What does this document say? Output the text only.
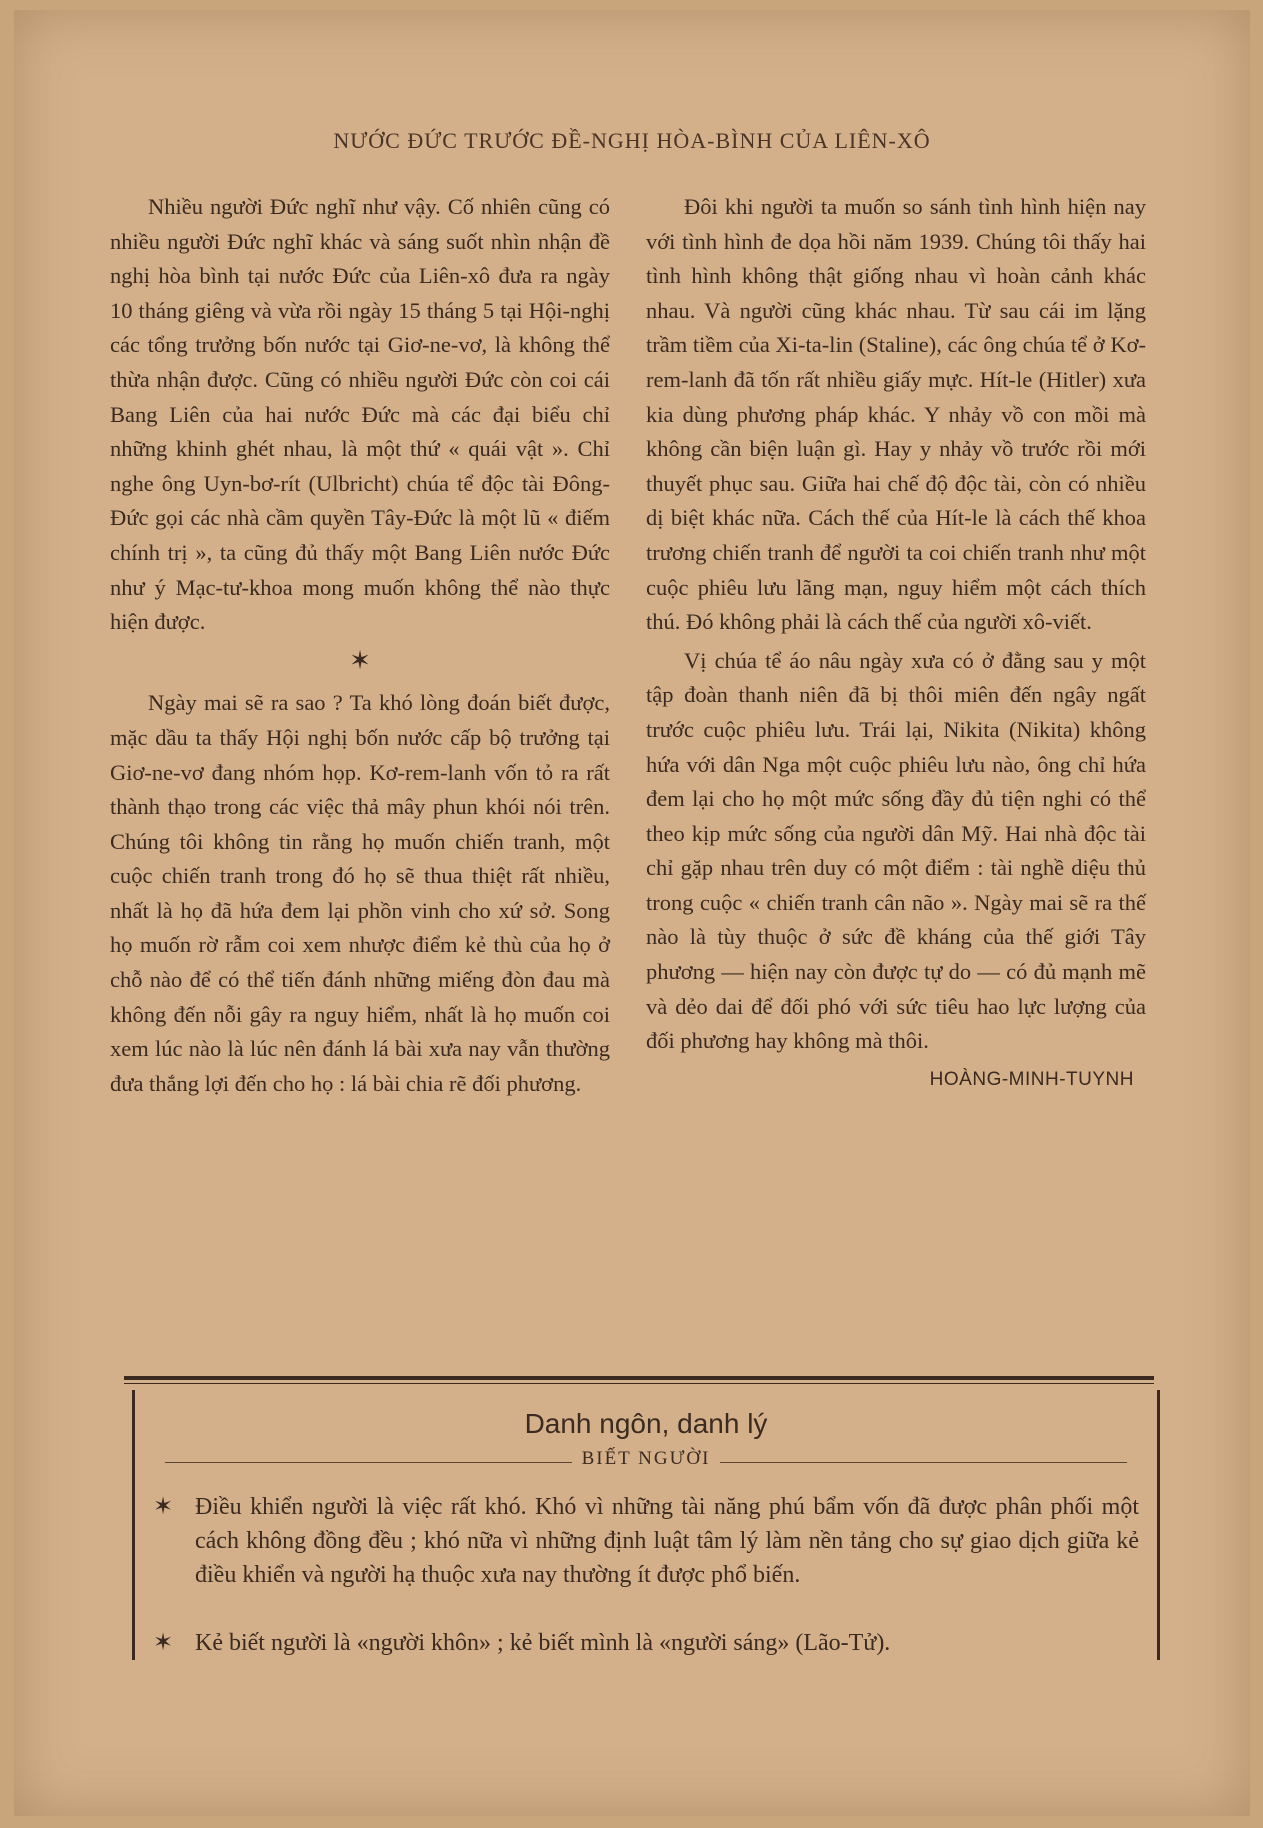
NƯỚC ĐỨC TRƯỚC ĐỀ-NGHỊ HÒA-BÌNH CỦA LIÊN-XÔ

Nhiều người Đức nghĩ như vậy. Cố nhiên cũng có nhiều người Đức nghĩ khác và sáng suốt nhìn nhận đề nghị hòa bình tại nước Đức của Liên-xô đưa ra ngày 10 tháng giêng và vừa rồi ngày 15 tháng 5 tại Hội-nghị các tổng trưởng bốn nước tại Giơ-ne-vơ, là không thể thừa nhận được. Cũng có nhiều người Đức còn coi cái Bang Liên của hai nước Đức mà các đại biểu chỉ những khinh ghét nhau, là một thứ « quái vật ». Chỉ nghe ông Uyn-bơ-rít (Ulbricht) chúa tể độc tài Đông-Đức gọi các nhà cầm quyền Tây-Đức là một lũ « điếm chính trị », ta cũng đủ thấy một Bang Liên nước Đức như ý Mạc-tư-khoa mong muốn không thể nào thực hiện được.

✶

Ngày mai sẽ ra sao ? Ta khó lòng đoán biết được, mặc dầu ta thấy Hội nghị bốn nước cấp bộ trưởng tại Giơ-ne-vơ đang nhóm họp. Kơ-rem-lanh vốn tỏ ra rất thành thạo trong các việc thả mây phun khói nói trên. Chúng tôi không tin rằng họ muốn chiến tranh, một cuộc chiến tranh trong đó họ sẽ thua thiệt rất nhiều, nhất là họ đã hứa đem lại phồn vinh cho xứ sở. Song họ muốn rờ rẫm coi xem nhược điểm kẻ thù của họ ở chỗ nào để có thể tiến đánh những miếng đòn đau mà không đến nỗi gây ra nguy hiểm, nhất là họ muốn coi xem lúc nào là lúc nên đánh lá bài xưa nay vẫn thường đưa thắng lợi đến cho họ : lá bài chia rẽ đối phương.

Đôi khi người ta muốn so sánh tình hình hiện nay với tình hình đe dọa hồi năm 1939. Chúng tôi thấy hai tình hình không thật giống nhau vì hoàn cảnh khác nhau. Và người cũng khác nhau. Từ sau cái im lặng trầm tiềm của Xi-ta-lin (Staline), các ông chúa tể ở Kơ-rem-lanh đã tốn rất nhiều giấy mực. Hít-le (Hitler) xưa kia dùng phương pháp khác. Y nhảy vồ con mồi mà không cần biện luận gì. Hay y nhảy vồ trước rồi mới thuyết phục sau. Giữa hai chế độ độc tài, còn có nhiều dị biệt khác nữa. Cách thế của Hít-le là cách thế khoa trương chiến tranh để người ta coi chiến tranh như một cuộc phiêu lưu lãng mạn, nguy hiểm một cách thích thú. Đó không phải là cách thế của người xô-viết.

Vị chúa tể áo nâu ngày xưa có ở đằng sau y một tập đoàn thanh niên đã bị thôi miên đến ngây ngất trước cuộc phiêu lưu. Trái lại, Nikita (Nikita) không hứa với dân Nga một cuộc phiêu lưu nào, ông chỉ hứa đem lại cho họ một mức sống đầy đủ tiện nghi có thể theo kịp mức sống của người dân Mỹ. Hai nhà độc tài chỉ gặp nhau trên duy có một điểm : tài nghề diệu thủ trong cuộc « chiến tranh cân não ». Ngày mai sẽ ra thế nào là tùy thuộc ở sức đề kháng của thế giới Tây phương — hiện nay còn được tự do — có đủ mạnh mẽ và dẻo dai để đối phó với sức tiêu hao lực lượng của đối phương hay không mà thôi.

HOÀNG-MINH-TUYNH
Danh ngôn, danh lý
BIẾT NGƯỜI
✶ Điều khiển người là việc rất khó. Khó vì những tài năng phú bẩm vốn đã được phân phối một cách không đồng đều ; khó nữa vì những định luật tâm lý làm nền tảng cho sự giao dịch giữa kẻ điều khiển và người hạ thuộc xưa nay thường ít được phổ biến.
✶ Kẻ biết người là «người khôn» ; kẻ biết mình là «người sáng» (Lão-Tử).
